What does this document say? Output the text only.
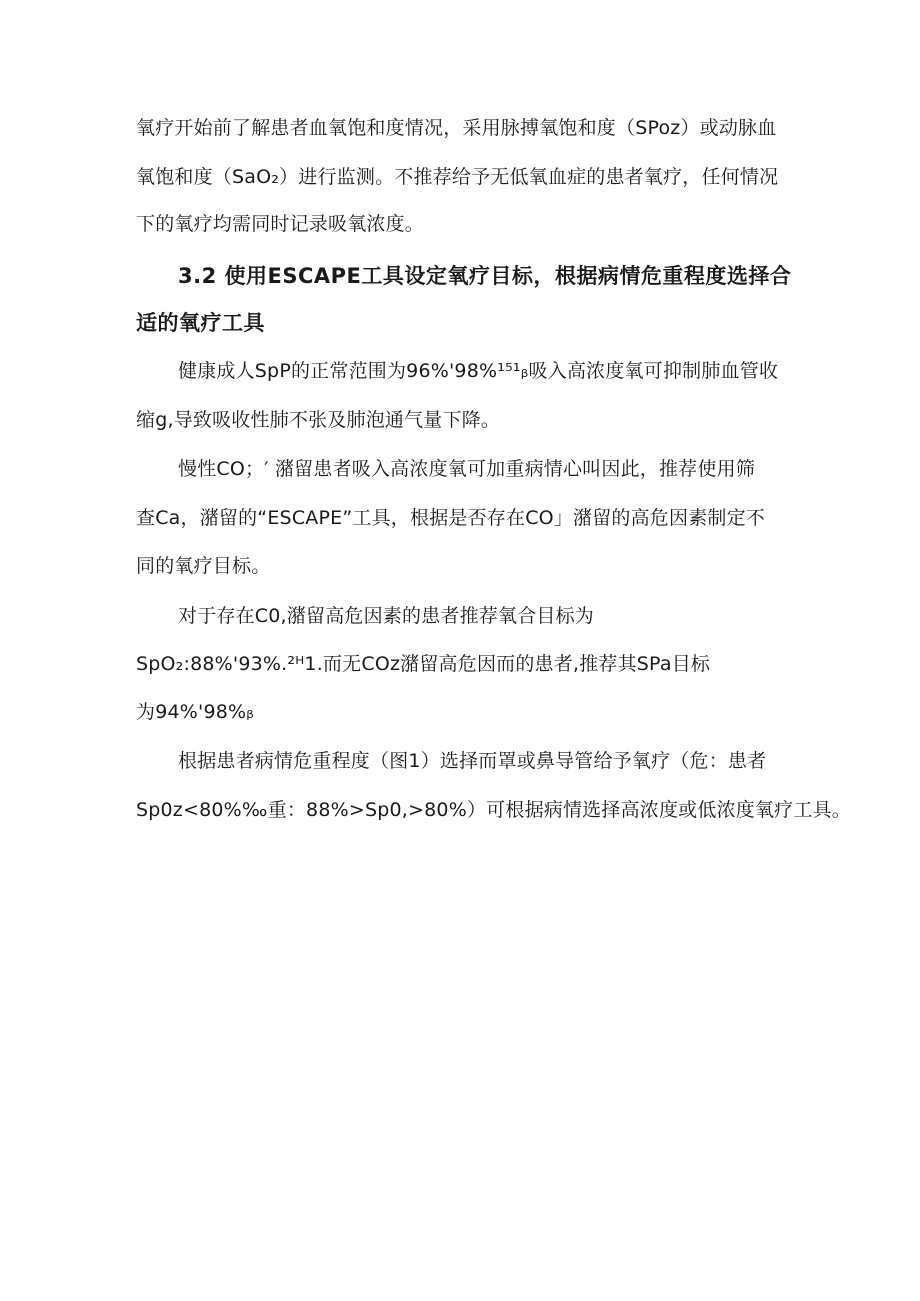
氧疗开始前了解患者血氧饱和度情况，采用脉搏氧饱和度（SPoz）或动脉血
氧饱和度（SaO₂）进行监测。不推荐给予无低氧血症的患者氧疗，任何情况
下的氧疗均需同时记录吸氧浓度。
3.2 使用ESCAPE工具设定氧疗目标，根据病情危重程度选择合
适的氧疗工具
健康成人SpP的正常范围为96%'98%¹⁵¹ᵦ吸入高浓度氧可抑制肺血管收
缩g,导致吸收性肺不张及肺泡通气量下降。
慢性CO；′ 潴留患者吸入高浓度氧可加重病情心叫因此，推荐使用筛
查Ca，潴留的“ESCAPE”工具，根据是否存在CO」潴留的高危因素制定不
同的氧疗目标。
对于存在C0,潴留高危因素的患者推荐氧合目标为
SpO₂:88%'93%.²ᴴ1.而无COz潴留高危因而的患者,推荐其SPa目标
为94%'98%ᵦ
根据患者病情危重程度（图1）选择而罩或鼻导管给予氧疗（危：患者
Sp0z<80%‰重：88%>Sp0,>80%）可根据病情选择高浓度或低浓度氧疗工具。
